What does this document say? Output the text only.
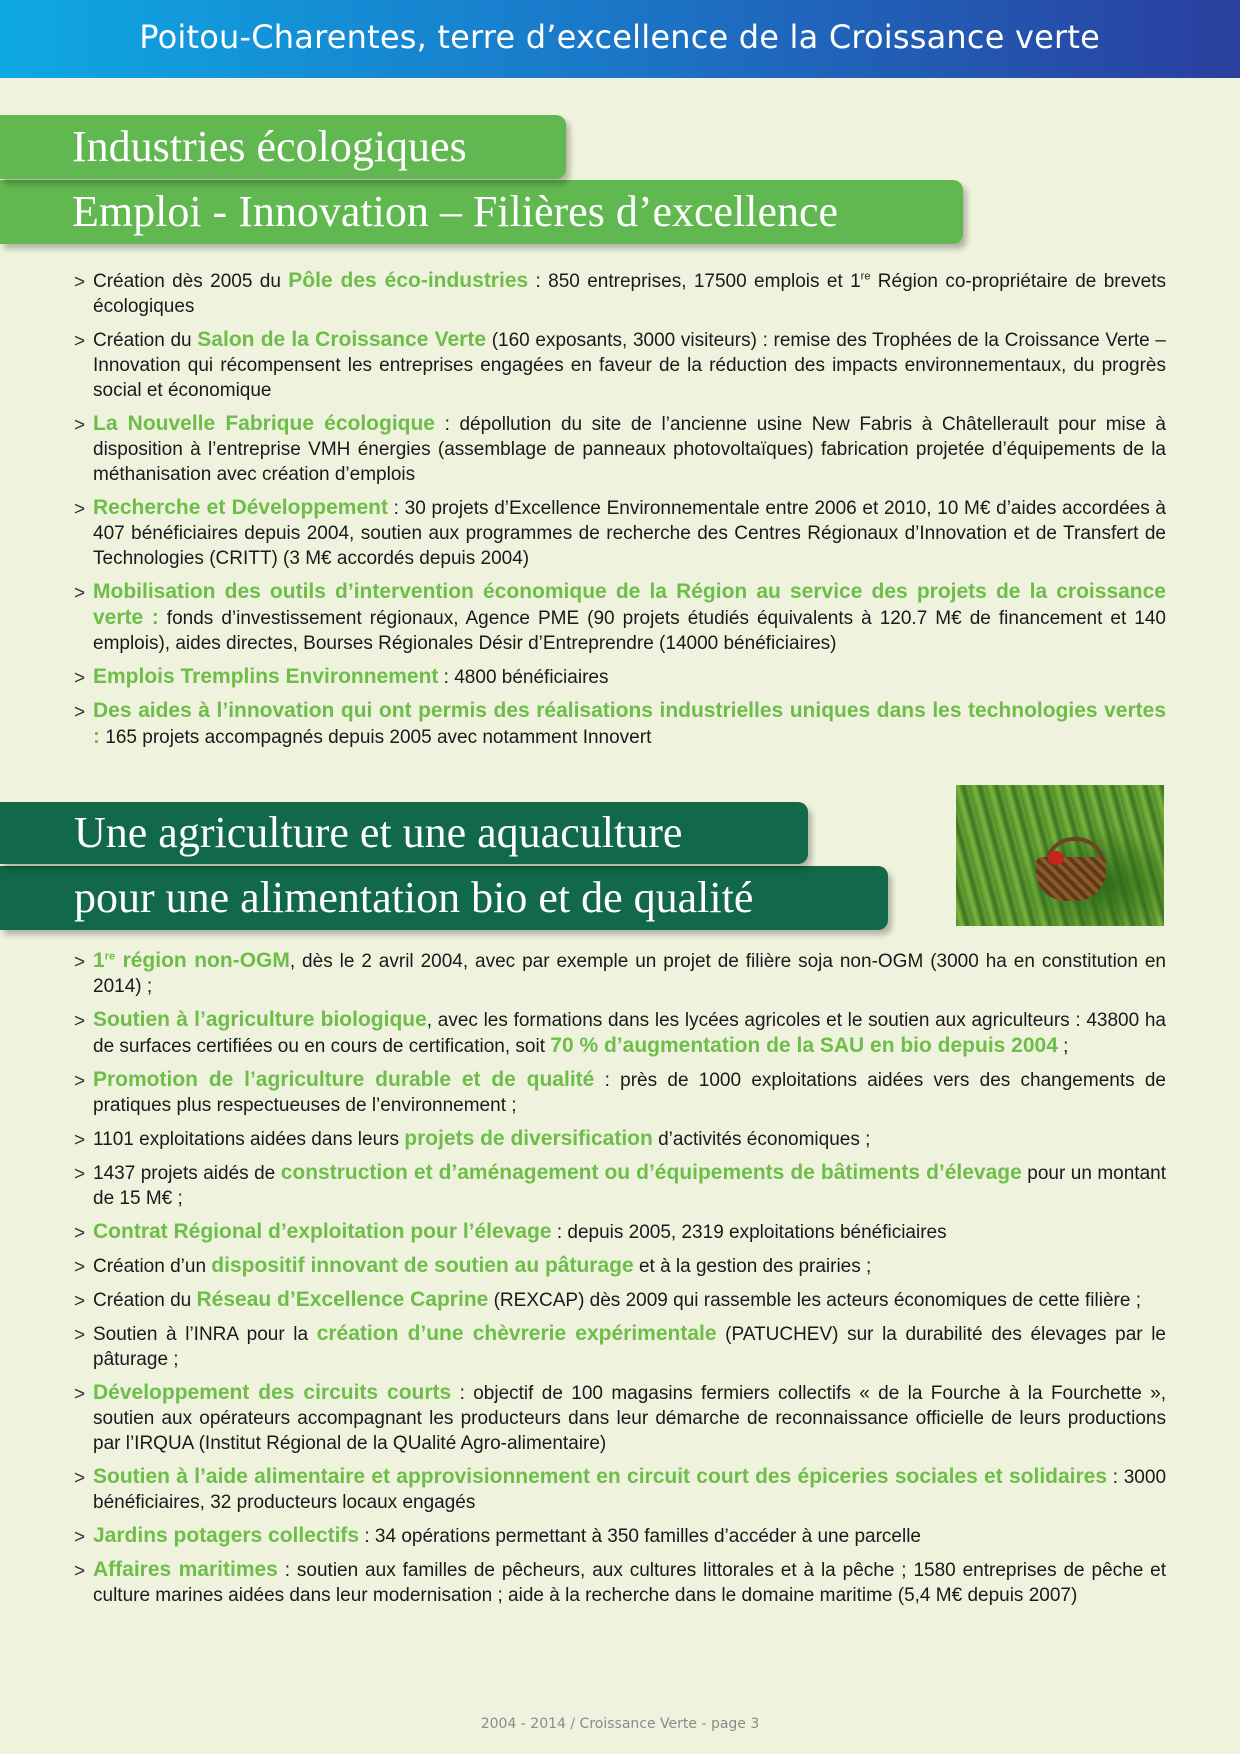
Poitou-Charentes, terre d’excellence de la Croissance verte
Industries écologiques
Emploi - Innovation – Filières d’excellence
> Création dès 2005 du Pôle des éco-industries : 850 entreprises, 17500 emplois et 1re Région co-propriétaire de brevets écologiques
> Création du Salon de la Croissance Verte (160 exposants, 3000 visiteurs) : remise des Trophées de la Croissance Verte – Innovation qui récompensent les entreprises engagées en faveur de la réduction des impacts environnementaux, du progrès social et économique
> La Nouvelle Fabrique écologique : dépollution du site de l’ancienne usine New Fabris à Châtellerault pour mise à disposition à l’entreprise VMH énergies (assemblage de panneaux photovoltaïques) fabrication projetée d’équipements de la méthanisation avec création d’emplois
> Recherche et Développement : 30 projets d’Excellence Environnementale entre 2006 et 2010, 10 M€ d’aides accordées à 407 bénéficiaires depuis 2004, soutien aux programmes de recherche des Centres Régionaux d’Innovation et de Transfert de Technologies (CRITT) (3 M€ accordés depuis 2004)
> Mobilisation des outils d’intervention économique de la Région au service des projets de la croissance verte : fonds d’investissement régionaux, Agence PME (90 projets étudiés équivalents à 120.7 M€ de financement et 140 emplois), aides directes, Bourses Régionales Désir d’Entreprendre (14000 bénéficiaires)
> Emplois Tremplins Environnement : 4800 bénéficiaires
> Des aides à l’innovation qui ont permis des réalisations industrielles uniques dans les technologies vertes : 165 projets accompagnés depuis 2005 avec notamment Innovert
Une agriculture et une aquaculture
pour une alimentation bio et de qualité
> 1re région non-OGM, dès le 2 avril 2004, avec par exemple un projet de filière soja non-OGM (3000 ha en constitution en 2014) ;
> Soutien à l’agriculture biologique, avec les formations dans les lycées agricoles et le soutien aux agriculteurs : 43800 ha de surfaces certifiées ou en cours de certification, soit 70 % d’augmentation de la SAU en bio depuis 2004 ;
> Promotion de l’agriculture durable et de qualité : près de 1000 exploitations aidées vers des changements de pratiques plus respectueuses de l’environnement ;
> 1101 exploitations aidées dans leurs projets de diversification d’activités économiques ;
> 1437 projets aidés de construction et d’aménagement ou d’équipements de bâtiments d’élevage pour un montant de 15 M€ ;
> Contrat Régional d’exploitation pour l’élevage : depuis 2005, 2319 exploitations bénéficiaires
> Création d’un dispositif innovant de soutien au pâturage et à la gestion des prairies ;
> Création du Réseau d’Excellence Caprine (REXCAP) dès 2009 qui rassemble les acteurs économiques de cette filière ;
> Soutien à l’INRA pour la création d’une chèvrerie expérimentale (PATUCHEV) sur la durabilité des élevages par le pâturage ;
> Développement des circuits courts : objectif de 100 magasins fermiers collectifs « de la Fourche à la Fourchette », soutien aux opérateurs accompagnant les producteurs dans leur démarche de reconnaissance officielle de leurs productions par l’IRQUA (Institut Régional de la QUalité Agro-alimentaire)
> Soutien à l’aide alimentaire et approvisionnement en circuit court des épiceries sociales et solidaires : 3000 bénéficiaires, 32 producteurs locaux engagés
> Jardins potagers collectifs : 34 opérations permettant à 350 familles d’accéder à une parcelle
> Affaires maritimes : soutien aux familles de pêcheurs, aux cultures littorales et à la pêche ; 1580 entreprises de pêche et culture marines aidées dans leur modernisation ; aide à la recherche dans le domaine maritime (5,4 M€ depuis 2007)
2004 - 2014 / Croissance Verte - page 3
